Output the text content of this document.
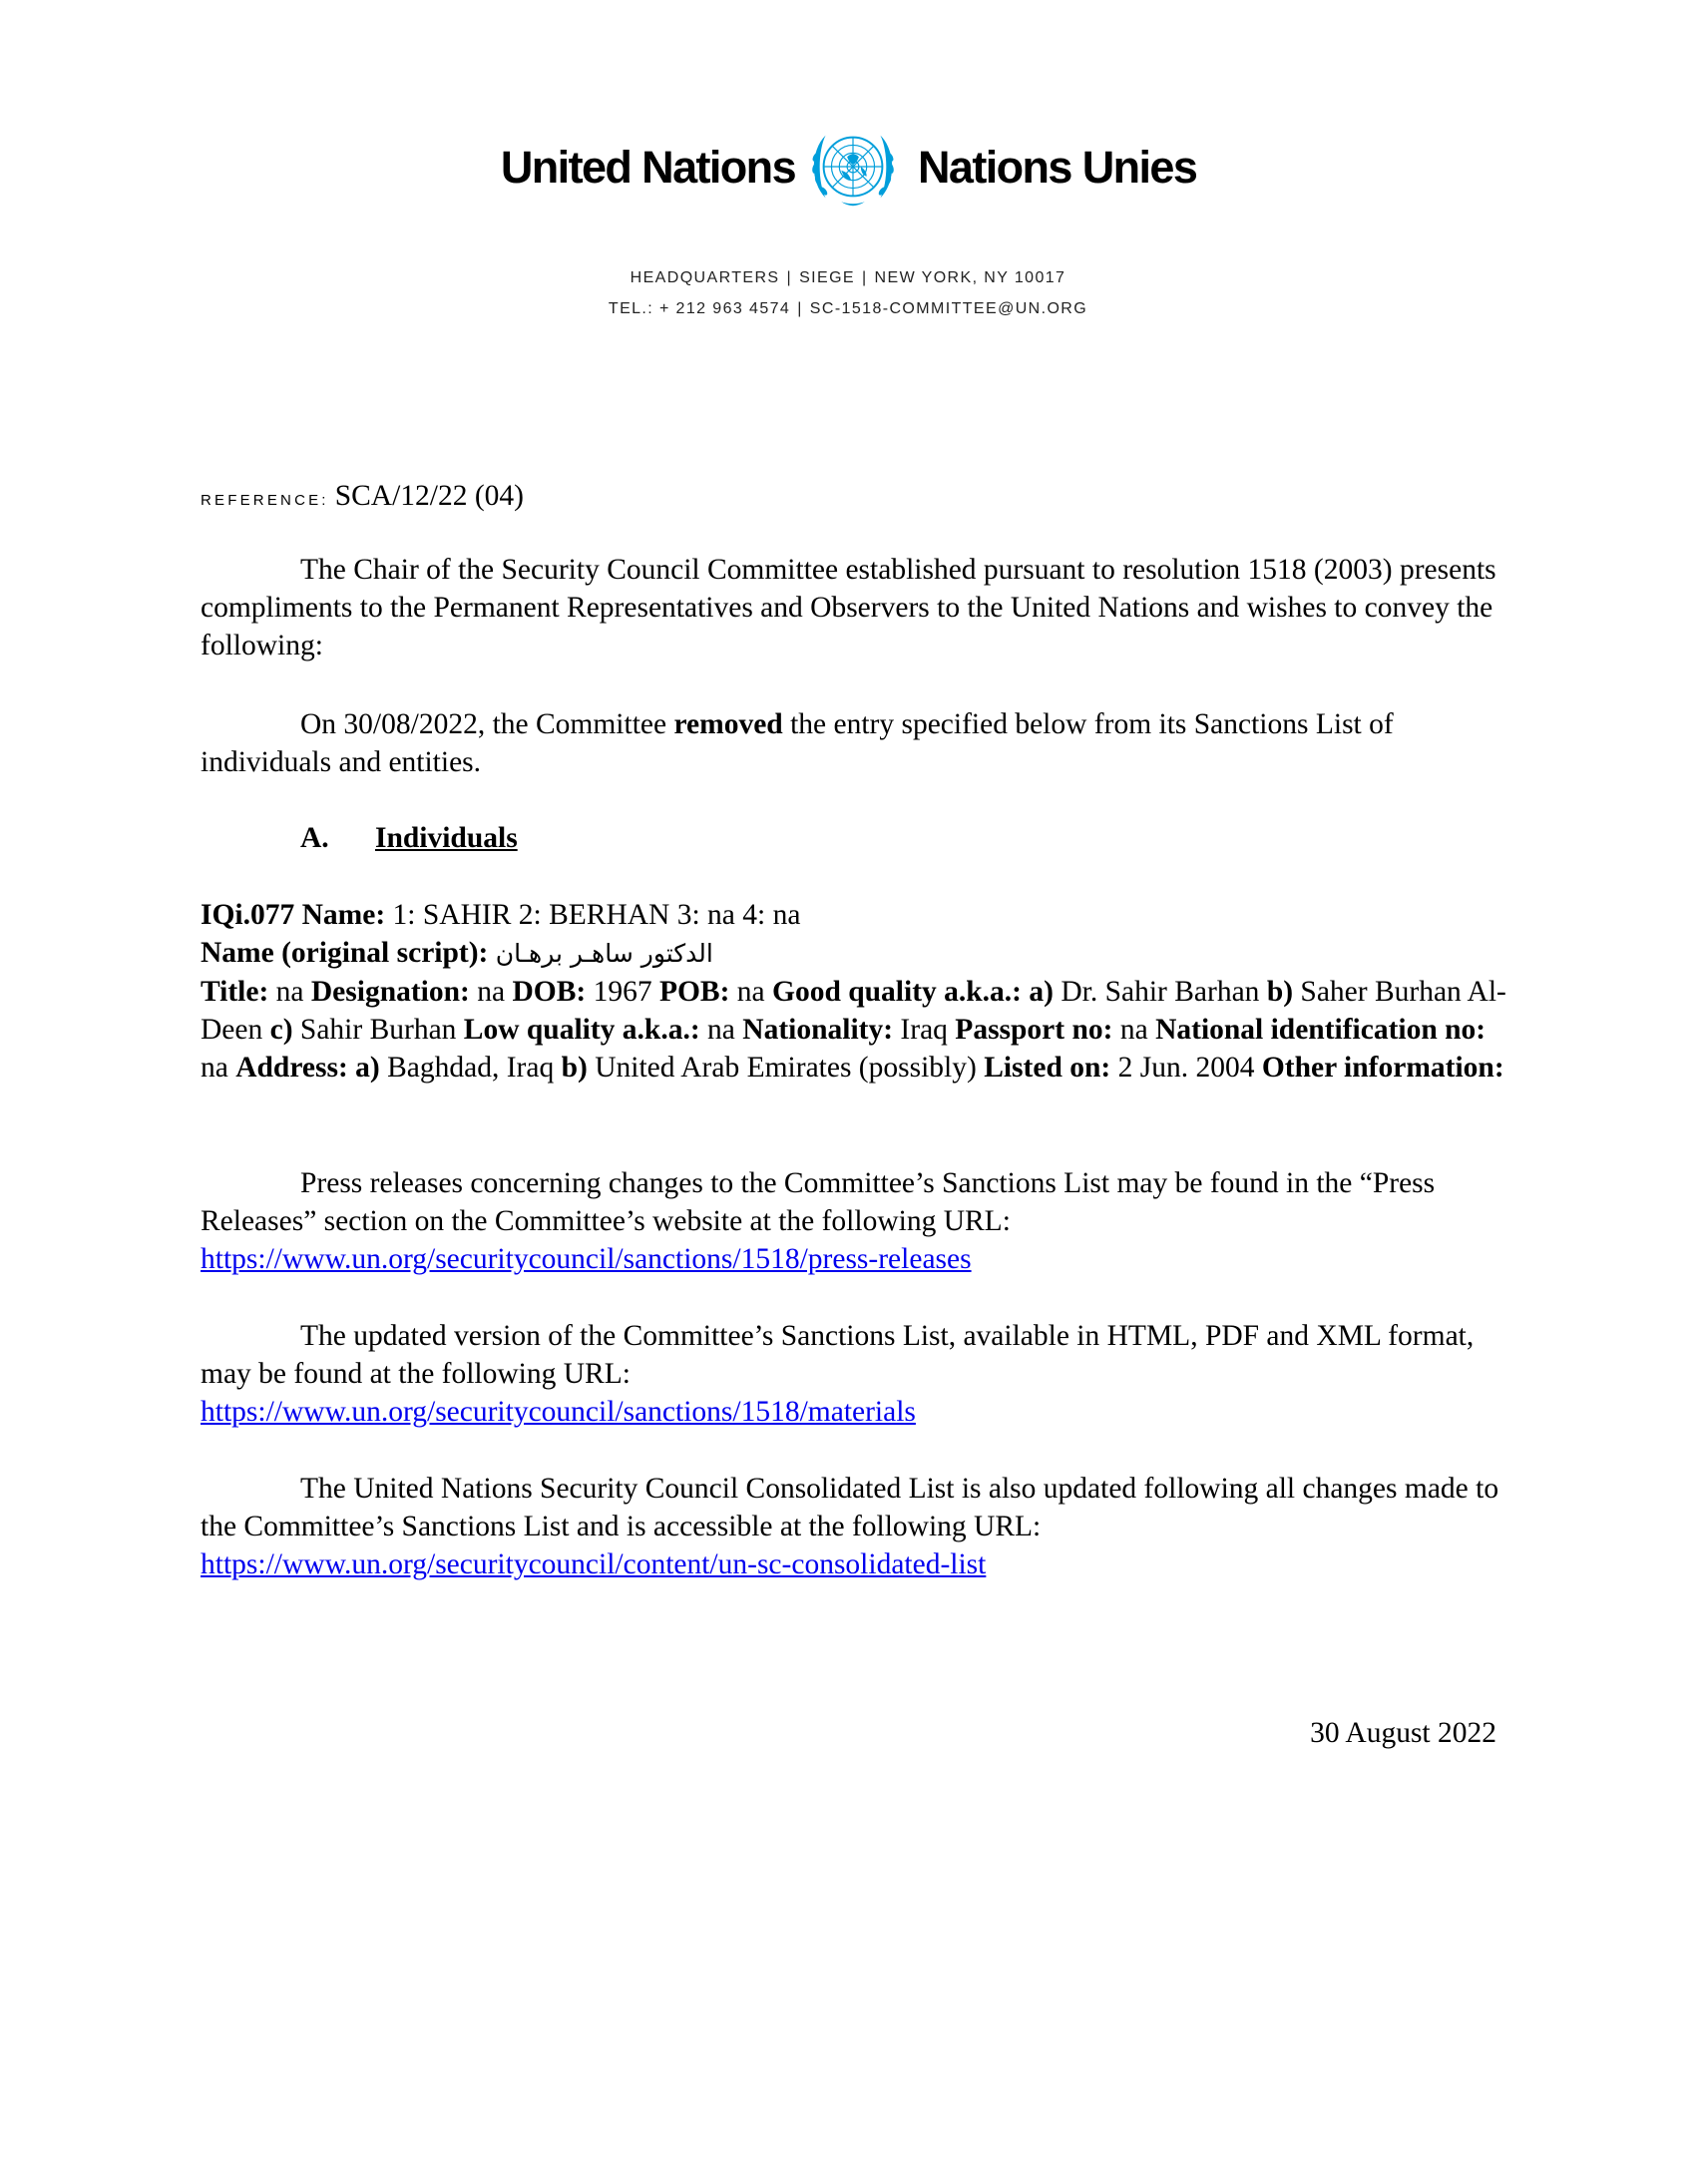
United Nations	Nations Unies
HEADQUARTERS | SIEGE | NEW YORK, NY 10017
TEL.: + 212 963 4574 | SC-1518-COMMITTEE@UN.ORG
REFERENCE: SCA/12/22 (04)
The Chair of the Security Council Committee established pursuant to resolution 1518 (2003) presents compliments to the Permanent Representatives and Observers to the United Nations and wishes to convey the following:
On 30/08/2022, the Committee removed the entry specified below from its Sanctions List of individuals and entities.
A. Individuals
IQi.077 Name: 1: SAHIR 2: BERHAN 3: na 4: na
Name (original script): الدكتور ساهـر برهـان
Title: na Designation: na DOB: 1967 POB: na Good quality a.k.a.: a) Dr. Sahir Barhan b) Saher Burhan Al-Deen c) Sahir Burhan Low quality a.k.a.: na Nationality: Iraq Passport no: na National identification no: na Address: a) Baghdad, Iraq b) United Arab Emirates (possibly) Listed on: 2 Jun. 2004 Other information:
Press releases concerning changes to the Committee’s Sanctions List may be found in the “Press Releases” section on the Committee’s website at the following URL:
https://www.un.org/securitycouncil/sanctions/1518/press-releases
The updated version of the Committee’s Sanctions List, available in HTML, PDF and XML format, may be found at the following URL:
https://www.un.org/securitycouncil/sanctions/1518/materials
The United Nations Security Council Consolidated List is also updated following all changes made to the Committee’s Sanctions List and is accessible at the following URL:
https://www.un.org/securitycouncil/content/un-sc-consolidated-list
30 August 2022
